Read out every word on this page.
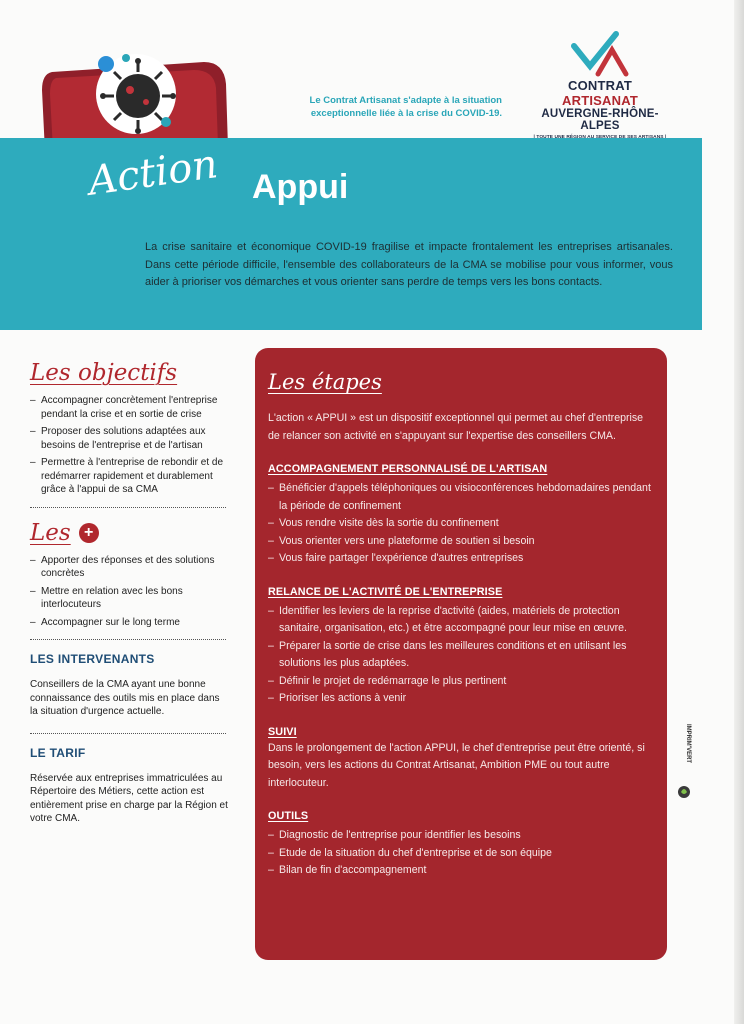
Le Contrat Artisanat s'adapte à la situation exceptionnelle liée à la crise du COVID-19.
CONTRAT ARTISANAT
AUVERGNE-RHÔNE-ALPES
Action Appui
La crise sanitaire et économique COVID-19 fragilise et impacte frontalement les entreprises artisanales. Dans cette période difficile, l'ensemble des collaborateurs de la CMA se mobilise pour vous informer, vous aider à prioriser vos démarches et vous orienter sans perdre de temps vers les bons contacts.
Les objectifs
– Accompagner concrètement l'entreprise pendant la crise et en sortie de crise
– Proposer des solutions adaptées aux besoins de l'entreprise et de l'artisan
– Permettre à l'entreprise de rebondir et de redémarrer rapidement et durablement grâce à l'appui de sa CMA
Les +
– Apporter des réponses et des solutions concrètes
– Mettre en relation avec les bons interlocuteurs
– Accompagner sur le long terme
LES INTERVENANTS
Conseillers de la CMA ayant une bonne connaissance des outils mis en place dans la situation d'urgence actuelle.
LE TARIF
Réservée aux entreprises immatriculées au Répertoire des Métiers, cette action est entièrement prise en charge par la Région et votre CMA.
Les étapes
L'action « APPUI » est un dispositif exceptionnel qui permet au chef d'entreprise de relancer son activité en s'appuyant sur l'expertise des conseillers CMA.
ACCOMPAGNEMENT PERSONNALISÉ DE L'ARTISAN
– Bénéficier d'appels téléphoniques ou visioconférences hebdomadaires pendant la période de confinement
– Vous rendre visite dès la sortie du confinement
– Vous orienter vers une plateforme de soutien si besoin
– Vous faire partager l'expérience d'autres entreprises
RELANCE DE L'ACTIVITÉ DE L'ENTREPRISE
– Identifier les leviers de la reprise d'activité (aides, matériels de protection sanitaire, organisation, etc.) et être accompagné pour leur mise en œuvre.
– Préparer la sortie de crise dans les meilleures conditions et en utilisant les solutions les plus adaptées.
– Définir le projet de redémarrage le plus pertinent
– Prioriser les actions à venir
SUIVI
Dans le prolongement de l'action APPUI, le chef d'entreprise peut être orienté, si besoin, vers les actions du Contrat Artisanat, Ambition PME ou tout autre interlocuteur.
OUTILS
– Diagnostic de l'entreprise pour identifier les besoins
– Etude de la situation du chef d'entreprise et de son équipe
– Bilan de fin d'accompagnement
IMPRIM'VERT
